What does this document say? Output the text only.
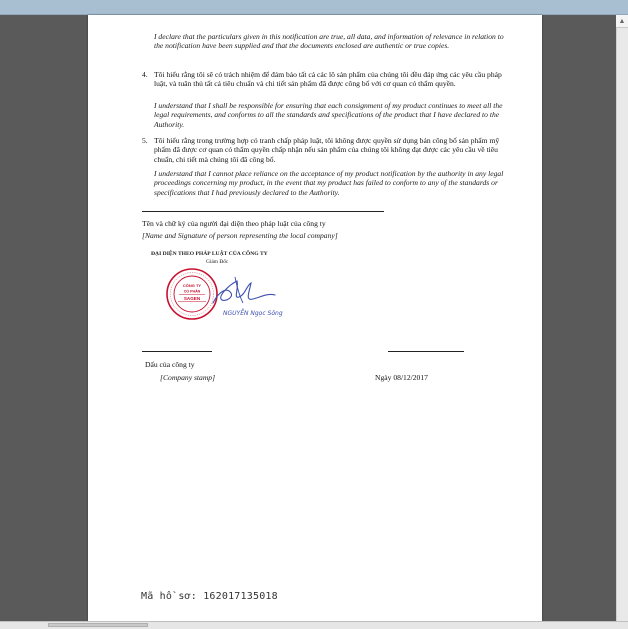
I declare that the particulars given in this notification are true, all data, and information of relevance in relation to the notification have been supplied and that the documents enclosed are authentic or true copies.
4. Tôi hiểu rằng tôi sẽ có trách nhiệm để đảm bảo tất cả các lô sản phẩm của chúng tôi đều đáp ứng các yêu cầu pháp luật, và tuân thủ tất cả tiêu chuẩn và chi tiết sản phẩm đã được công bố với cơ quan có thẩm quyền.
I understand that I shall be responsible for ensuring that each consignment of my product continues to meet all the legal requirements, and conforms to all the standards and specifications of the product that I have declared to the Authority.
5. Tôi hiểu rằng trong trường hợp có tranh chấp pháp luật, tôi không được quyền sử dụng bản công bố sản phẩm mỹ phẩm đã được cơ quan có thẩm quyền chấp nhận nếu sản phẩm của chúng tôi không đạt được các yêu cầu về tiêu chuẩn, chi tiết mà chúng tôi đã công bố.
I understand that I cannot place reliance on the acceptance of my product notification by the authority in any legal proceedings concerning my product, in the event that my product has failed to conform to any of the standards or specifications that I had previously declared to the Authority.
Tên và chữ ký của người đại diện theo pháp luật của công ty
[Name and Signature of person representing the local company]
ĐẠI DIỆN THEO PHÁP LUẬT CỦA CÔNG TY
Giám Đốc
CÔNG TY
CỔ PHẦN
SAGEN
NGUYỄN Ngọc Sông
Dấu của công ty
[Company stamp]	Ngày 08/12/2017
Mã hồ sơ: 162017135018
▲
